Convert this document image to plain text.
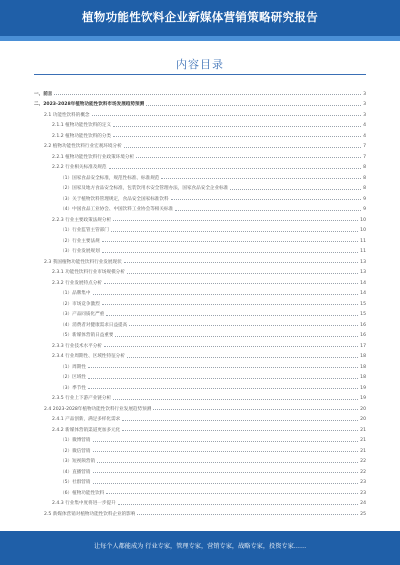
植物功能性饮料企业新媒体营销策略研究报告
内容目录
一、前言	3
二、2023-2028年植物功能性饮料市场发展趋势预测	3
2.1 功能性饮料的概念	3
2.1.1 植物功能性饮料的定义	4
2.1.2 植物功能性饮料的分类	4
2.2 植物功能性饮料行业宏观环境分析	7
2.2.1 植物功能性饮料行业政策环境分析	7
2.2.2 行业相关标准及规范	8
（1）国家食品安全标准，规范性标准、标准规范	8
（2）国家及地方食品安全标准，包装饮用水安全管理办法，国家食品安全企业标准	8
（3）关于植物饮料管理规定，食品安全国家标准饮料	9
（4）中国食品工业协会、中国饮料工业协会等相关标准	9
2.2.3 行业主要政策法规分析	10
（1）行业监管主管部门	10
（2）行业主要法规	11
（3）行业发展规划	11
2.3 我国植物功能性饮料行业发展现状	13
2.3.1 功能性饮料行业市场规模分析	13
2.3.2 行业发展特点分析	14
（1）品牌集中	14
（2）市场竞争激烈	15
（3）产品同质化严重	15
（4）消费者对健康需求日益提高	16
（5）新媒体营销日益重要	16
2.3.3 行业技术水平分析	17
2.3.4 行业周期性、区域性特征分析	18
（1）周期性	18
（2）区域性	18
（3）季节性	19
2.3.5 行业上下游产业链分析	19
2.4 2023-2028年植物功能性饮料行业发展趋势预测	20
2.4.1 产品创新，满足多样化需求	20
2.4.2 新媒体营销渠道更加多元化	21
（1）微博营销	21
（2）微信营销	21
（3）短视频营销	22
（4）直播营销	22
（5）社群营销	23
（6）植物功能性饮料	23
2.4.3 行业集中度将进一步提升	24
2.5 新媒体营销对植物功能性饮料企业的影响	25
让每个人都能成为 行业专家，管理专家，营销专家，战略专家，投资专家……
